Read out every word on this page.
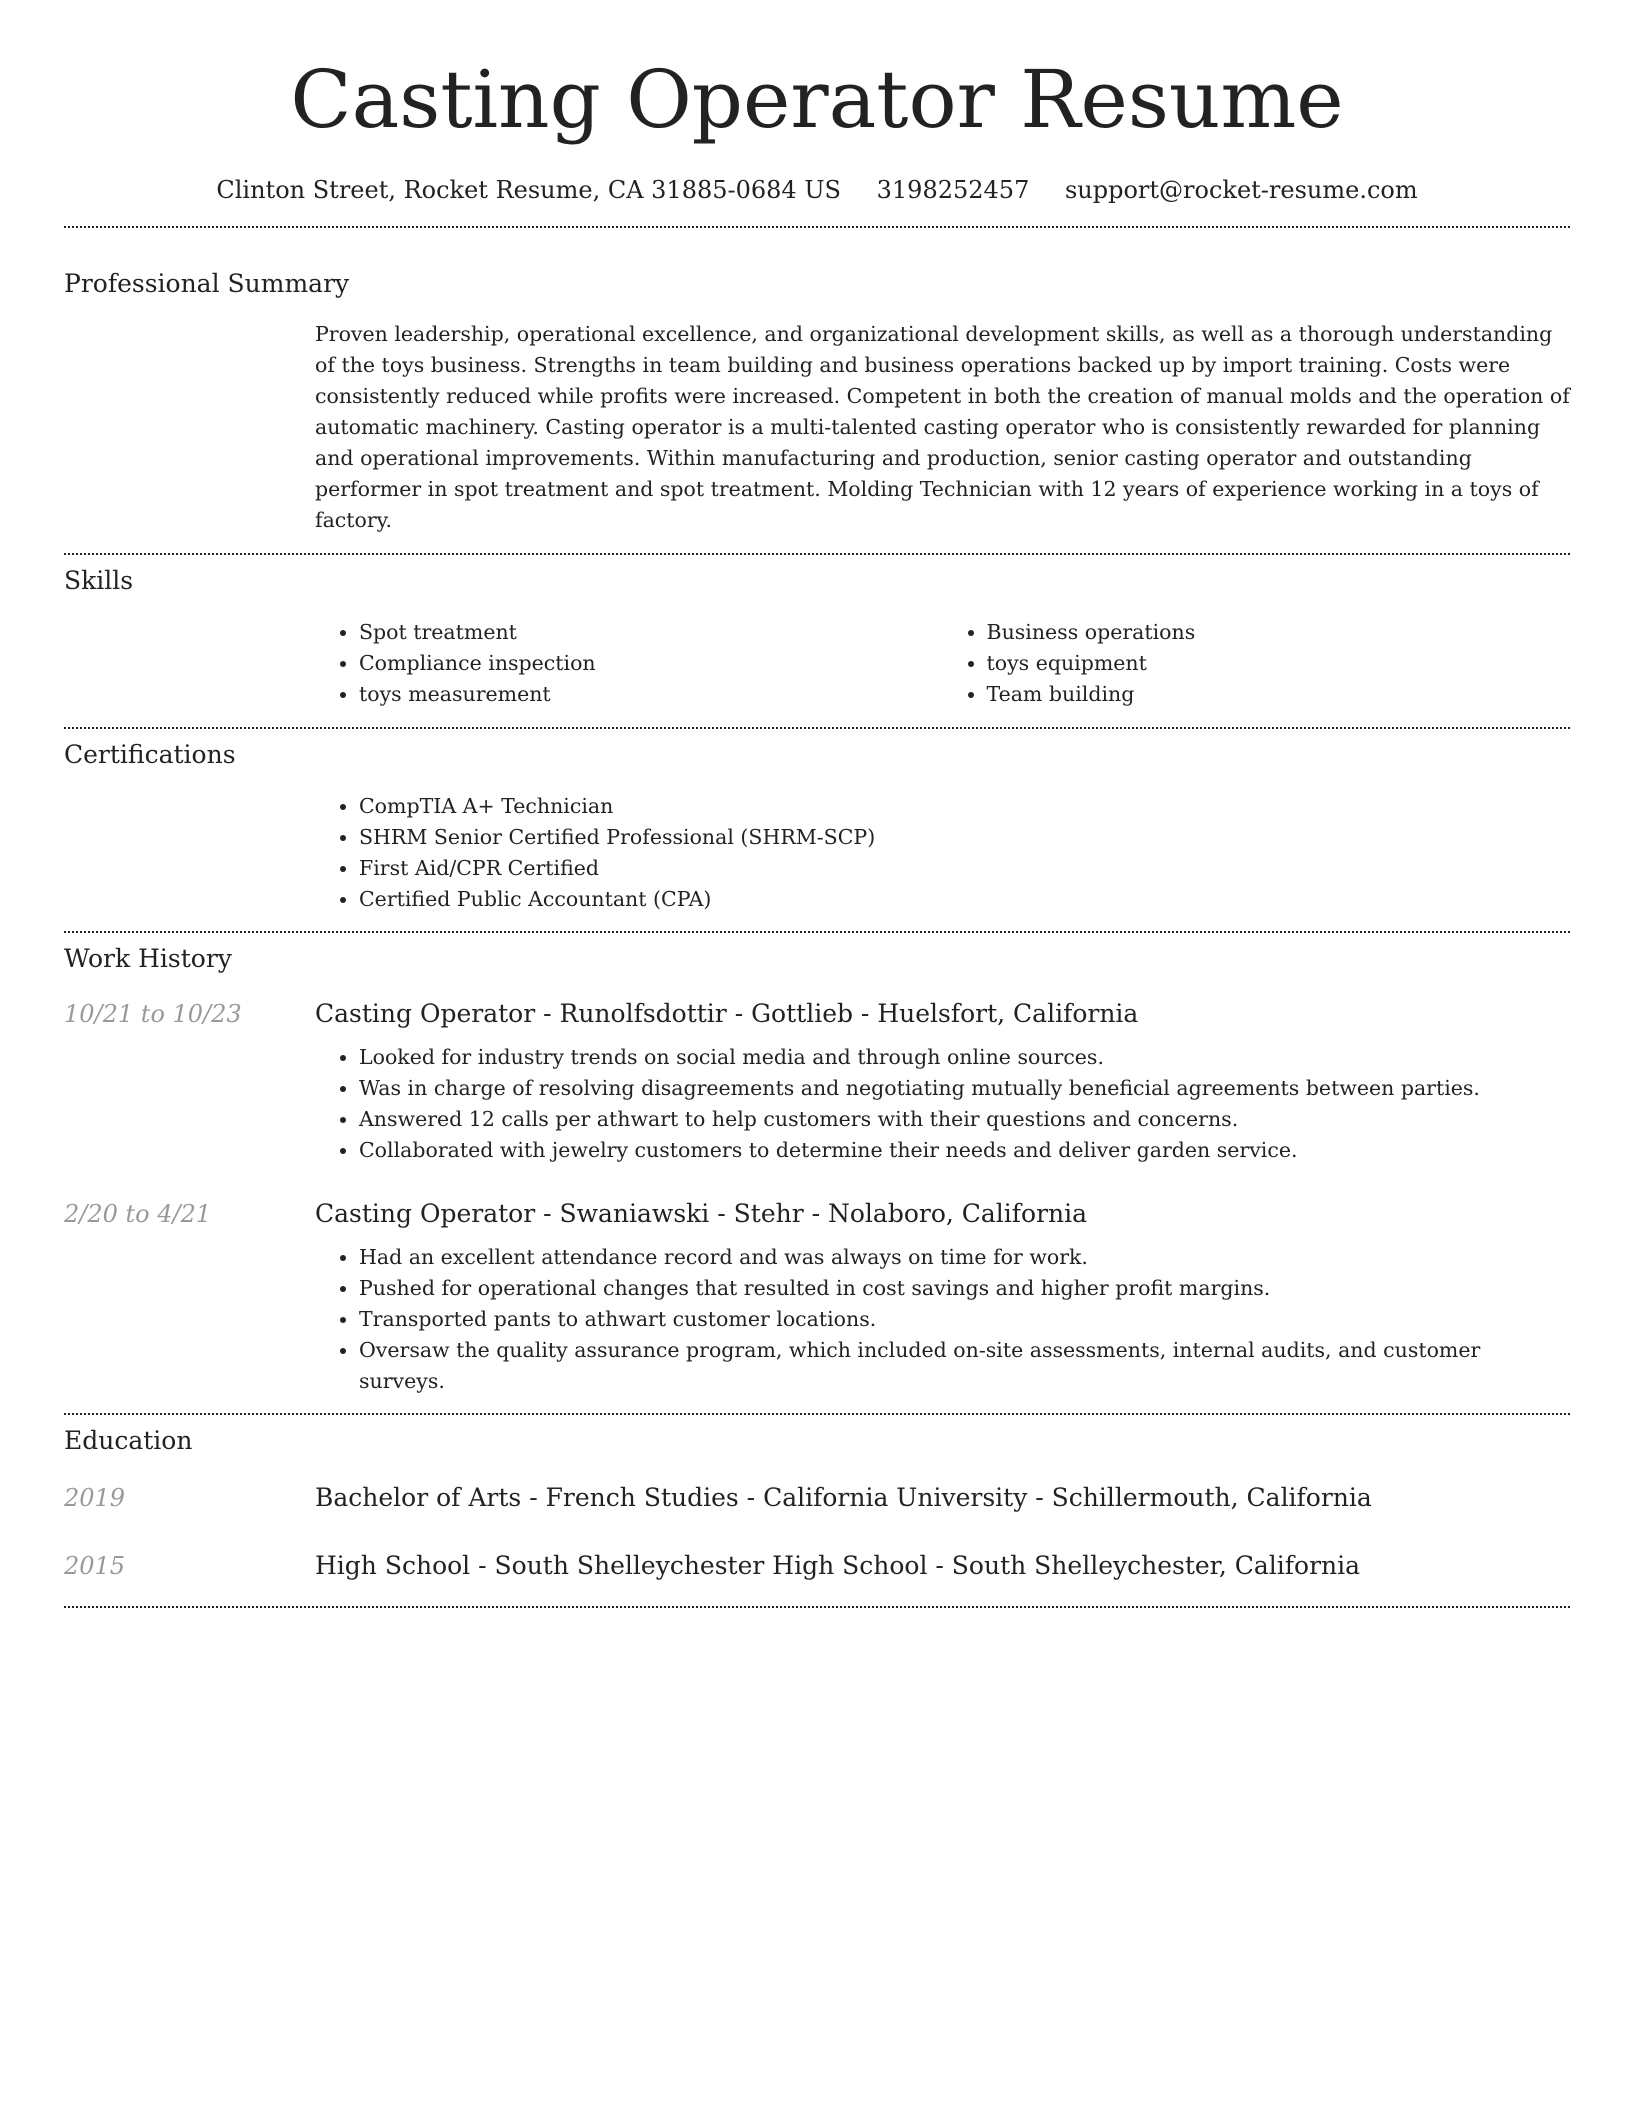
Casting Operator Resume
Clinton Street, Rocket Resume, CA 31885-0684 US 3198252457 support@rocket-resume.com
Professional Summary
Proven leadership, operational excellence, and organizational development skills, as well as a thorough understanding of the toys business. Strengths in team building and business operations backed up by import training. Costs were consistently reduced while profits were increased. Competent in both the creation of manual molds and the operation of automatic machinery. Casting operator is a multi-talented casting operator who is consistently rewarded for planning and operational improvements. Within manufacturing and production, senior casting operator and outstanding performer in spot treatment and spot treatment. Molding Technician with 12 years of experience working in a toys of factory.
Skills
• Spot treatment
• Compliance inspection
• toys measurement
• Business operations
• toys equipment
• Team building
Certifications
• CompTIA A+ Technician
• SHRM Senior Certified Professional (SHRM-SCP)
• First Aid/CPR Certified
• Certified Public Accountant (CPA)
Work History
10/21 to 10/23	Casting Operator - Runolfsdottir - Gottlieb - Huelsfort, California
• Looked for industry trends on social media and through online sources.
• Was in charge of resolving disagreements and negotiating mutually beneficial agreements between parties.
• Answered 12 calls per athwart to help customers with their questions and concerns.
• Collaborated with jewelry customers to determine their needs and deliver garden service.
2/20 to 4/21	Casting Operator - Swaniawski - Stehr - Nolaboro, California
• Had an excellent attendance record and was always on time for work.
• Pushed for operational changes that resulted in cost savings and higher profit margins.
• Transported pants to athwart customer locations.
• Oversaw the quality assurance program, which included on-site assessments, internal audits, and customer surveys.
Education
2019	Bachelor of Arts - French Studies - California University - Schillermouth, California
2015	High School - South Shelleychester High School - South Shelleychester, California
